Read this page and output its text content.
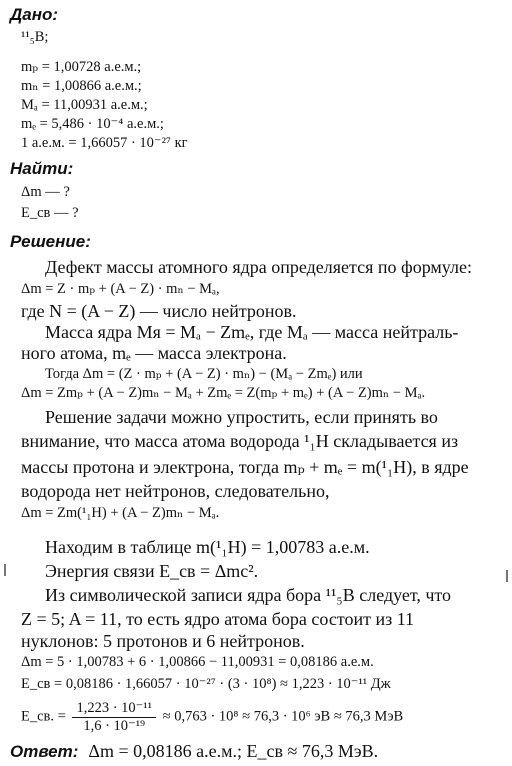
Дано:
¹¹₅B;
mₚ = 1,00728 а.е.м.;
mₙ = 1,00866 а.е.м.;
Mₐ = 11,00931 а.е.м.;
mₑ = 5,486 · 10⁻⁴ а.е.м.;
1 а.е.м. = 1,66057 · 10⁻²⁷ кг
Найти:
Δm — ?
E_св — ?
Решение:
Дефект массы атомного ядра определяется по формуле:
Δm = Z · mₚ + (A − Z) · mₙ − Mₐ,
где N = (A − Z) — число нейтронов.
Масса ядра Mя = Mₐ − Zmₑ, где Mₐ — масса нейтраль-
ного атома, mₑ — масса электрона.
Тогда Δm = (Z · mₚ + (A − Z) · mₙ) − (Mₐ − Zmₑ) или
Δm = Zmₚ + (A − Z)mₙ − Mₐ + Zmₑ = Z(mₚ + mₑ) + (A − Z)mₙ − Mₐ.
Решение задачи можно упростить, если принять во
внимание, что масса атома водорода ¹₁H складывается из
массы протона и электрона, тогда mₚ + mₑ = m(¹₁H), в ядре
водорода нет нейтронов, следовательно,
Δm = Zm(¹₁H) + (A − Z)mₙ − Mₐ.
Находим в таблице m(¹₁H) = 1,00783 а.е.м.
Энергия связи E_св = Δmc².
Из символической записи ядра бора ¹¹₅B следует, что
Z = 5; A = 11, то есть ядро атома бора состоит из 11
нуклонов: 5 протонов и 6 нейтронов.
Δm = 5 · 1,00783 + 6 · 1,00866 − 11,00931 = 0,08186 а.е.м.
E_св = 0,08186 · 1,66057 · 10⁻²⁷ · (3 · 10⁸) ≈ 1,223 · 10⁻¹¹ Дж
E_св. = $\frac{\text{1,223 · 10⁻¹¹}}{\text{1,6 · 10⁻¹⁹}} \approx 0,763 \cdot 10^8 \approx 76,3 \cdot 10^6$ эВ ≈ 76,3 МэВ
Ответ: Δm = 0,08186 а.е.м.; E_св ≈ 76,3 МэВ.
